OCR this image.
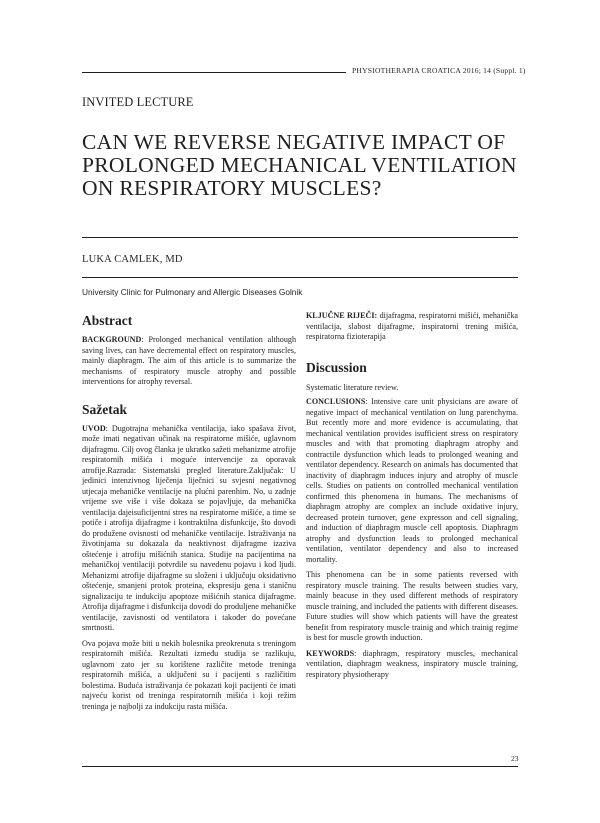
PHYSIOTHERAPIA CROATICA 2016; 14 (Suppl. 1)
INVITED LECTURE
CAN WE REVERSE NEGATIVE IMPACT OF PROLONGED MECHANICAL VENTILATION ON RESPIRATORY MUSCLES?
LUKA CAMLEK, MD
University Clinic for Pulmonary and Allergic Diseases Golnik
Abstract

BACKGROUND: Prolonged mechanical ventilation although saving lives, can have decremental effect on respiratory muscles, mainly diaphragm. The aim of this article is to summarize the mechanisms of respiratory muscle atrophy and possible interventions for atrophy reversal.

Sažetak

UVOD: Dugotrajna mehanička ventilacija, iako spašava život, može imati negativan učinak na respiratorne mišiće, uglavnom dijafragmu. Cilj ovog članka je ukratko sažeti mehanizme atrofije respiratornih mišića i moguće intervencije za oporavak atrofije.Razrada: Sistematski pregled literature.Zaključak: U jedinici intenzivnog liječenja liječnici su svjesni negativnog utjecaja mehaničke ventilacije na plućni parenhim. No, u zadnje vrijeme sve više i više dokaza se pojavljuje, da mehanička ventilacija dajeisuficijentni stres na respiratorne mišiće, a time se potiče i atrofija dijafragme i kontraktilna disfunkcije, što dovodi do produžene ovisnosti od mehaničke ventilacije. Istraživanja na životinjama su dokazala da neaktivnost dijafragme izaziva oštećenje i atrofiju mišićnih stanica. Studije na pacijentima na mehaničkoj ventilaciji potvrdile su navedenu pojavu i kod ljudi. Mehanizmi atrofije dijafragme su složeni i uključuju oksidativno oštećenje, smanjeni protok proteina, ekspresiju gena i staničnu signalizaciju te indukciju apoptoze mišićnih stanica dijafragme. Atrofija dijafragme i disfunkcija dovodi do produljene mehaničke ventilacije, zavisnosti od ventilatora i također do povećane smrtnosti.

Ova pojava može biti u nekih bolesnika preokrenuta s treningom respiratornih mišića. Rezultati između studija se razlikuju, uglavnom zato jer su korištene različite metode treninga respiratornih mišića, a uključeni su i pacijenti s različitim bolestima. Buduća istraživanja će pokazati koji pacijenti će imati najveću korist od treninga respiratornih mišića i koji režim treninga je najbolji za indukciju rasta mišića.

KLJUČNE RIJEČI: dijafragma, respiratorni mišići, mehanička ventilacija, slabost dijafragme, inspiratorni trening mišića, respiratorna fizioterapija

Discussion

Systematic literature review.

CONCLUSIONS: Intensive care unit physicians are aware of negative impact of mechanical ventilation on lung parenchyma. But recently more and more evidence is accumulating, that mechanical ventilation provides isufficient stress on respiratory muscles and with that promoting diaphragm atrophy and contractile dysfunction which leads to prolonged weaning and ventilator dependency. Research on animals has documented that inactivity of diaphragm induces injury and atrophy of muscle cells. Studies on patients on controlled mechanical ventilation confirmed this phenomena in humans. The mechanisms of diaphragm atrophy are complex an include oxidative injury, decreased protein turnover, gene expresson and cell signaling, and induction of diaphragm muscle cell apoptosis. Diaphragm atrophy and dysfunction leads to prolonged mechanical ventilation, ventilator dependency and also to increased mortality.

This phenomena can be in some patients reversed with respiratory muscle training. The results between studies vary, mainly beacuse in they used different methods of respiratory muscle training, and included the patients with different diseases. Future studies will show which patients will have the greatest benefit from respiratory muscle trainig and which trainig regime is best for muscle growth induction.

KEYWORDS: diaphragm, respiratory muscles, mechanical ventilation, diaphragm weakness, inspiratory muscle training, respiratory physiotherapy

23
